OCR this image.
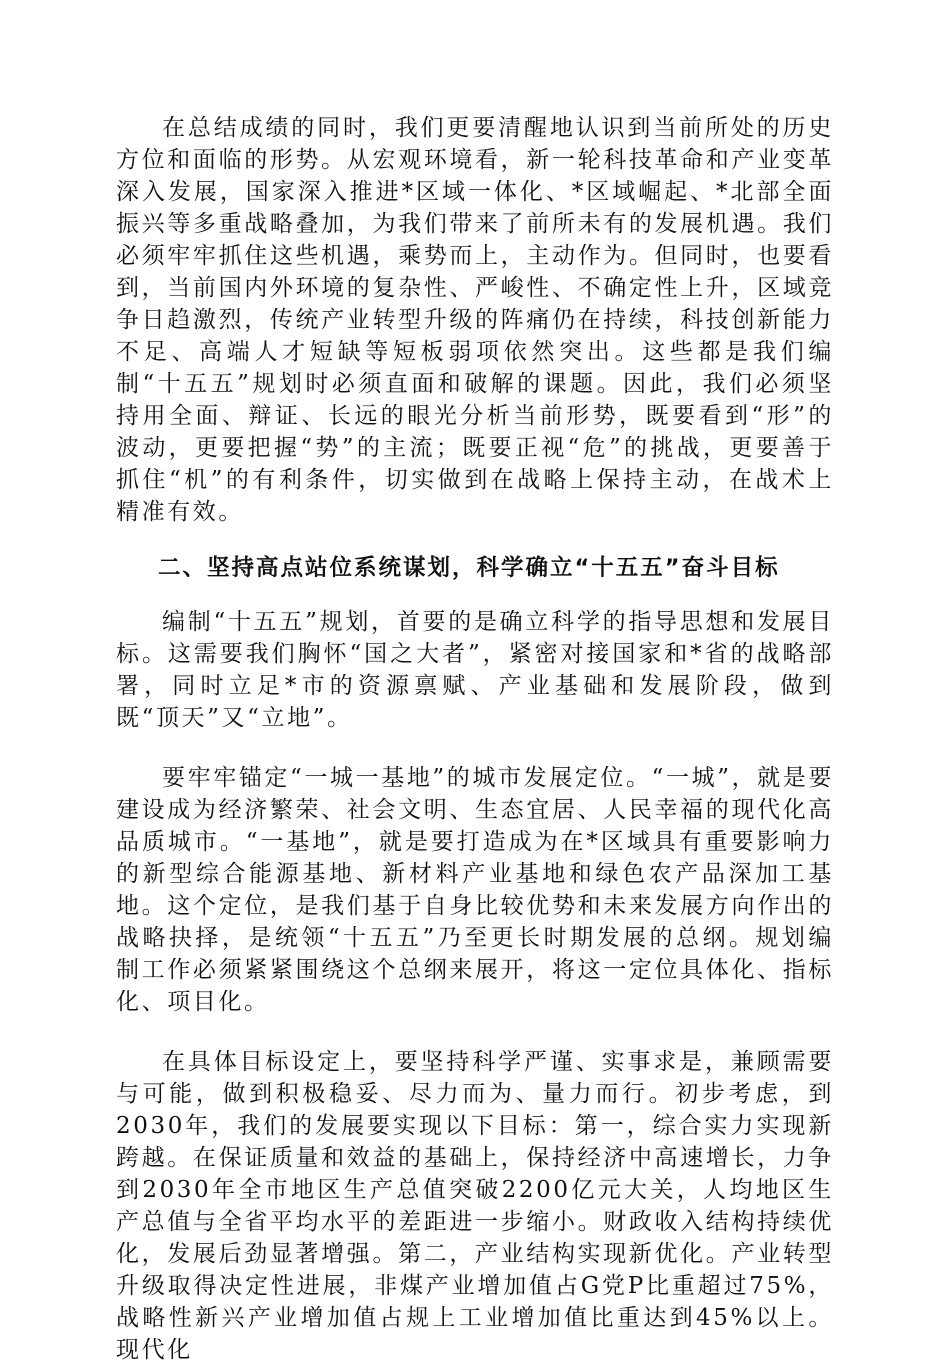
在总结成绩的同时，我们更要清醒地认识到当前所处的历史方位和面临的形势。从宏观环境看，新一轮科技革命和产业变革深入发展，国家深入推进*区域一体化、*区域崛起、*北部全面振兴等多重战略叠加，为我们带来了前所未有的发展机遇。我们必须牢牢抓住这些机遇，乘势而上，主动作为。但同时，也要看到，当前国内外环境的复杂性、严峻性、不确定性上升，区域竞争日趋激烈，传统产业转型升级的阵痛仍在持续，科技创新能力不足、高端人才短缺等短板弱项依然突出。这些都是我们编制“十五五”规划时必须直面和破解的课题。因此，我们必须坚持用全面、辩证、长远的眼光分析当前形势，既要看到“形”的波动，更要把握“势”的主流；既要正视“危”的挑战，更要善于抓住“机”的有利条件，切实做到在战略上保持主动，在战术上精准有效。

二、坚持高点站位系统谋划，科学确立“十五五”奋斗目标

编制“十五五”规划，首要的是确立科学的指导思想和发展目标。这需要我们胸怀“国之大者”，紧密对接国家和*省的战略部署，同时立足*市的资源禀赋、产业基础和发展阶段，做到既“顶天”又“立地”。

要牢牢锚定“一城一基地”的城市发展定位。“一城”，就是要建设成为经济繁荣、社会文明、生态宜居、人民幸福的现代化高品质城市。“一基地”，就是要打造成为在*区域具有重要影响力的新型综合能源基地、新材料产业基地和绿色农产品深加工基地。这个定位，是我们基于自身比较优势和未来发展方向作出的战略抉择，是统领“十五五”乃至更长时期发展的总纲。规划编制工作必须紧紧围绕这个总纲来展开，将这一定位具体化、指标化、项目化。

在具体目标设定上，要坚持科学严谨、实事求是，兼顾需要与可能，做到积极稳妥、尽力而为、量力而行。初步考虑，到2030年，我们的发展要实现以下目标：第一，综合实力实现新跨越。在保证质量和效益的基础上，保持经济中高速增长，力争到2030年全市地区生产总值突破2200亿元大关，人均地区生产总值与全省平均水平的差距进一步缩小。财政收入结构持续优化，发展后劲显著增强。第二，产业结构实现新优化。产业转型升级取得决定性进展，非煤产业增加值占G党P比重超过75%，战略性新兴产业增加值占规上工业增加值比重达到45%以上。现代化
